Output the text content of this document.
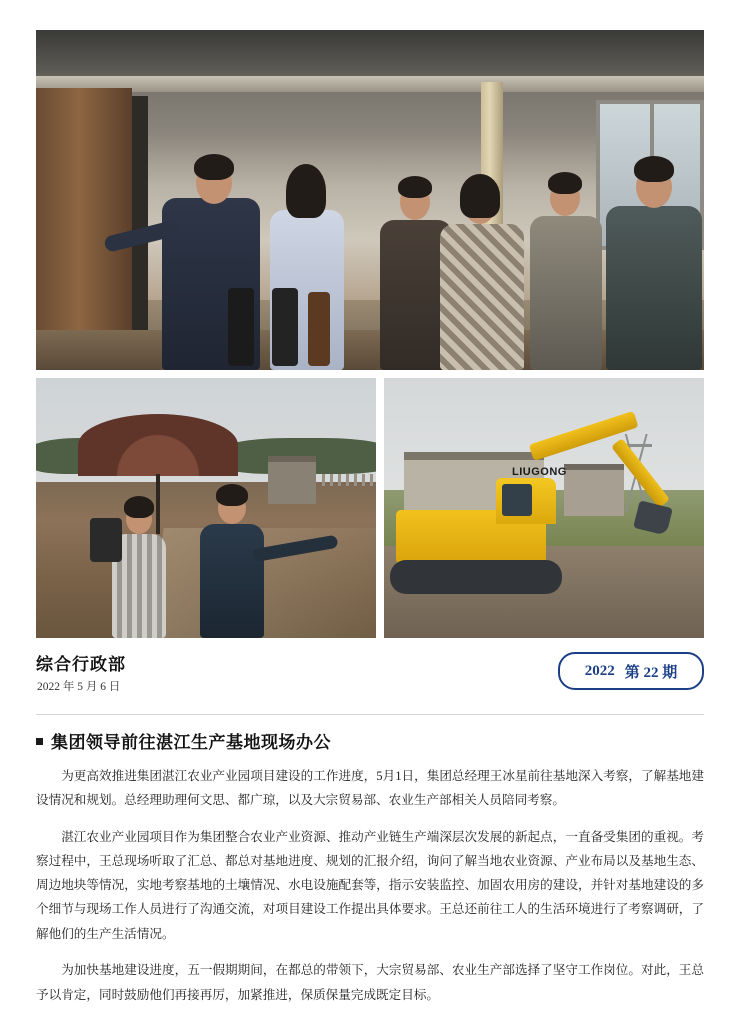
LIUGONG
综合行政部
2022 年 5 月 6 日
2022 第 22 期
集团领导前往湛江生产基地现场办公

为更高效推进集团湛江农业产业园项目建设的工作进度，5月1日，集团总经理王冰星前往基地深入考察，了解基地建设情况和规划。总经理助理何文思、都广琼，以及大宗贸易部、农业生产部相关人员陪同考察。

湛江农业产业园项目作为集团整合农业产业资源、推动产业链生产端深层次发展的新起点，一直备受集团的重视。考察过程中，王总现场听取了汇总、都总对基地进度、规划的汇报介绍，询问了解当地农业资源、产业布局以及基地生态、周边地块等情况，实地考察基地的土壤情况、水电设施配套等，指示安装监控、加固农用房的建设，并针对基地建设的多个细节与现场工作人员进行了沟通交流，对项目建设工作提出具体要求。王总还前往工人的生活环境进行了考察调研，了解他们的生产生活情况。

为加快基地建设进度，五一假期期间，在都总的带领下，大宗贸易部、农业生产部选择了坚守工作岗位。对此，王总予以肯定，同时鼓励他们再接再厉，加紧推进，保质保量完成既定目标。
